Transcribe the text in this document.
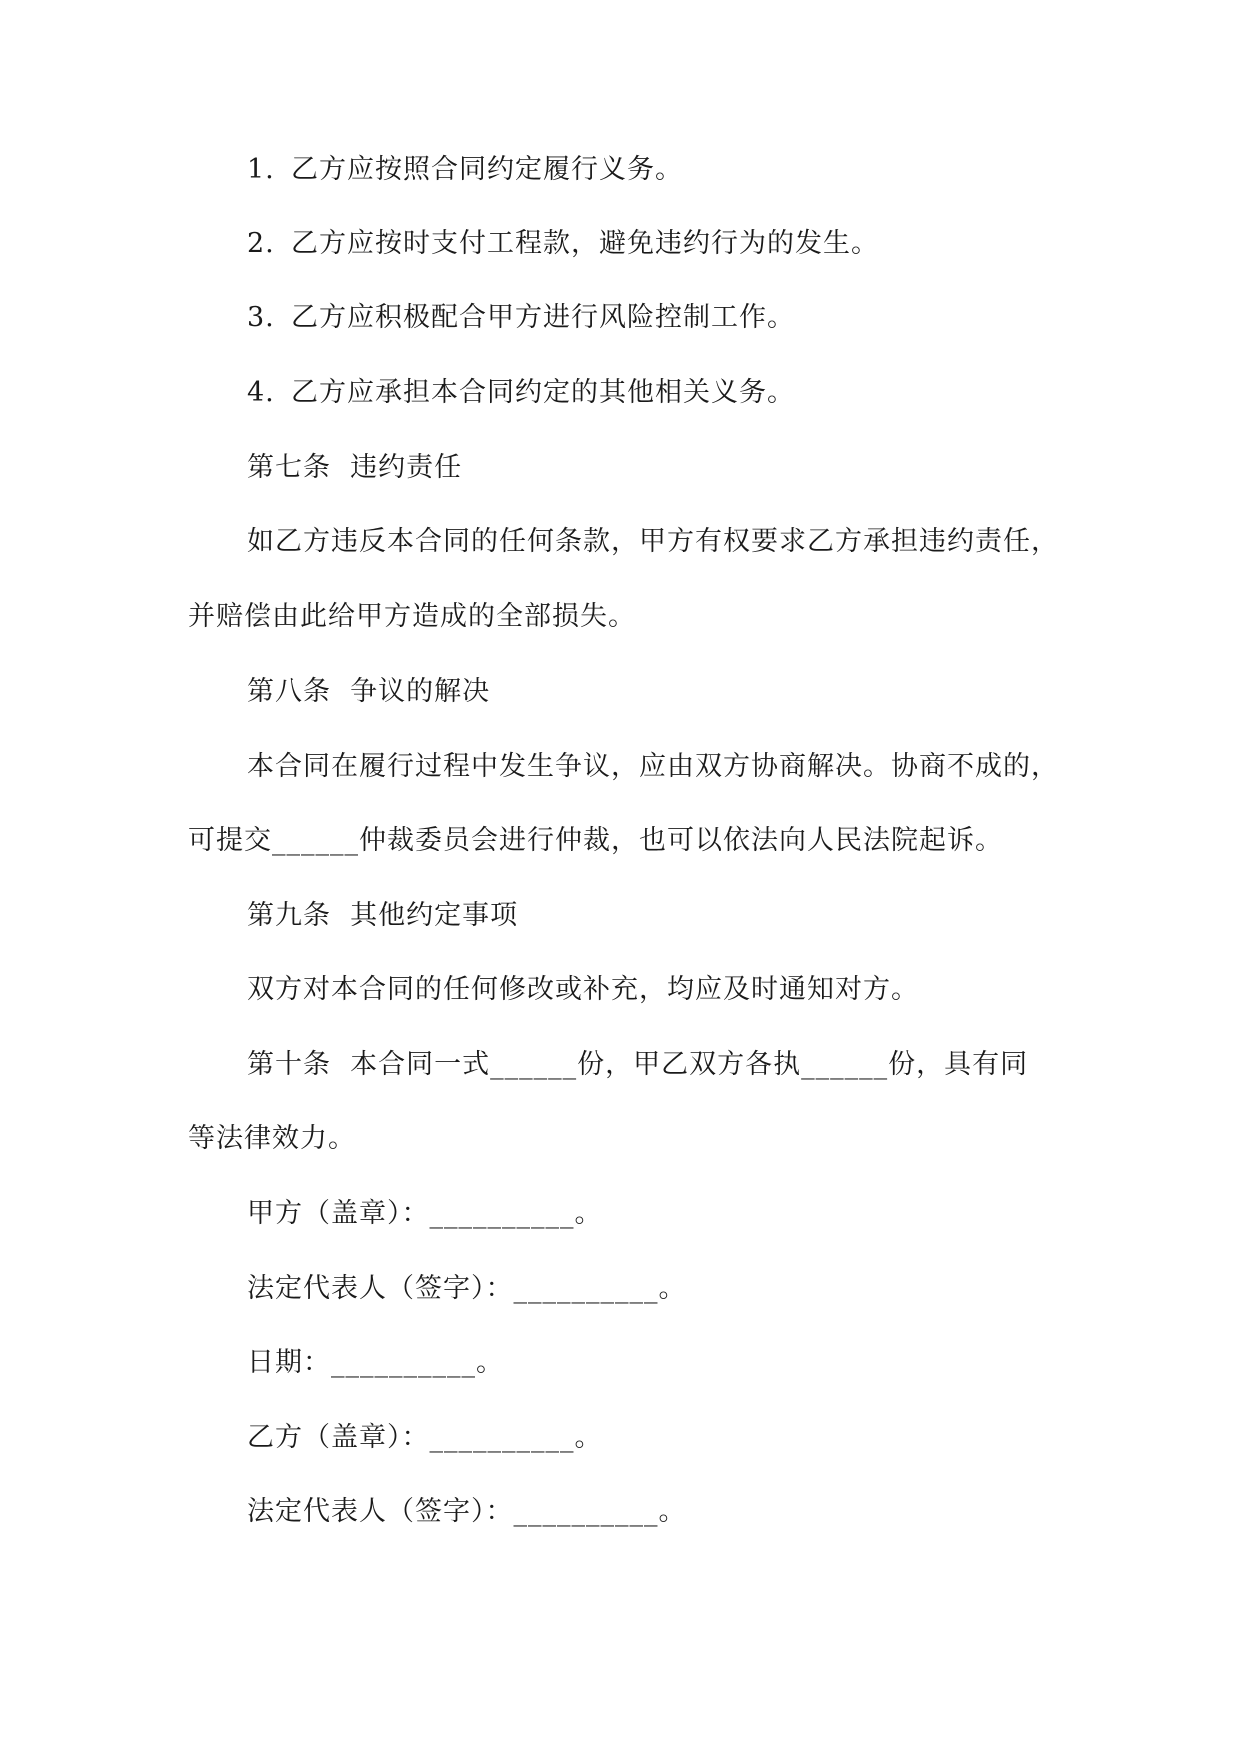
1. 乙方应按照合同约定履行义务。
2. 乙方应按时支付工程款，避免违约行为的发生。
3. 乙方应积极配合甲方进行风险控制工作。
4. 乙方应承担本合同约定的其他相关义务。
第七条  违约责任
如乙方违反本合同的任何条款，甲方有权要求乙方承担违约责任，
并赔偿由此给甲方造成的全部损失。
第八条  争议的解决
本合同在履行过程中发生争议，应由双方协商解决。协商不成的，
可提交______仲裁委员会进行仲裁，也可以依法向人民法院起诉。
第九条  其他约定事项
双方对本合同的任何修改或补充，均应及时通知对方。
第十条  本合同一式______份，甲乙双方各执______份，具有同
等法律效力。
甲方（盖章）：__________。
法定代表人（签字）：__________。
日期：__________。
乙方（盖章）：__________。
法定代表人（签字）：__________。
